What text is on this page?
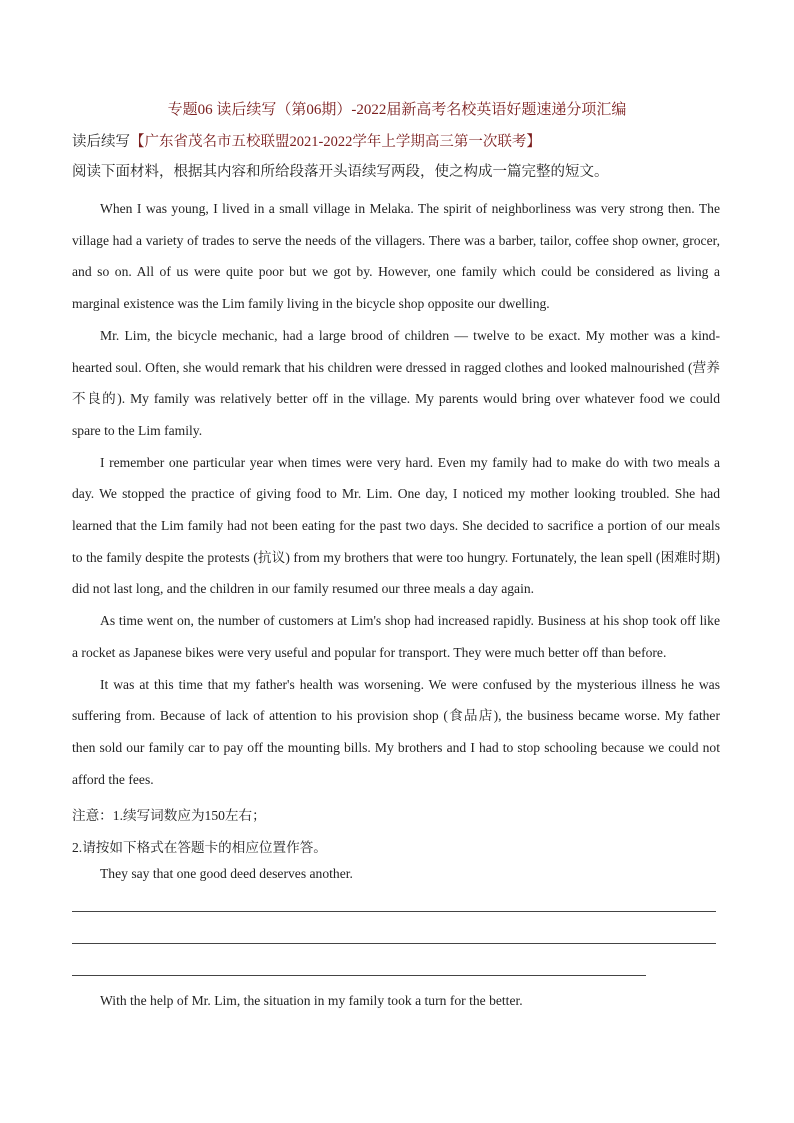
专题06 读后续写（第06期）-2022届新高考名校英语好题速递分项汇编
读后续写【广东省茂名市五校联盟2021-2022学年上学期高三第一次联考】
阅读下面材料，根据其内容和所给段落开头语续写两段，使之构成一篇完整的短文。

When I was young, I lived in a small village in Melaka. The spirit of neighborliness was very strong then. The village had a variety of trades to serve the needs of the villagers. There was a barber, tailor, coffee shop owner, grocer, and so on. All of us were quite poor but we got by. However, one family which could be considered as living a marginal existence was the Lim family living in the bicycle shop opposite our dwelling.

Mr. Lim, the bicycle mechanic, had a large brood of children — twelve to be exact. My mother was a kind-hearted soul. Often, she would remark that his children were dressed in ragged clothes and looked malnourished (营养不良的). My family was relatively better off in the village. My parents would bring over whatever food we could spare to the Lim family.

I remember one particular year when times were very hard. Even my family had to make do with two meals a day. We stopped the practice of giving food to Mr. Lim. One day, I noticed my mother looking troubled. She had learned that the Lim family had not been eating for the past two days. She decided to sacrifice a portion of our meals to the family despite the protests (抗议) from my brothers that were too hungry. Fortunately, the lean spell (困难时期) did not last long, and the children in our family resumed our three meals a day again.

As time went on, the number of customers at Lim's shop had increased rapidly. Business at his shop took off like a rocket as Japanese bikes were very useful and popular for transport. They were much better off than before.

It was at this time that my father's health was worsening. We were confused by the mysterious illness he was suffering from. Because of lack of attention to his provision shop (食品店), the business became worse. My father then sold our family car to pay off the mounting bills. My brothers and I had to stop schooling because we could not afford the fees.

注意：1.续写词数应为150左右；

2.请按如下格式在答题卡的相应位置作答。

They say that one good deed deserves another.
With the help of Mr. Lim, the situation in my family took a turn for the better.
